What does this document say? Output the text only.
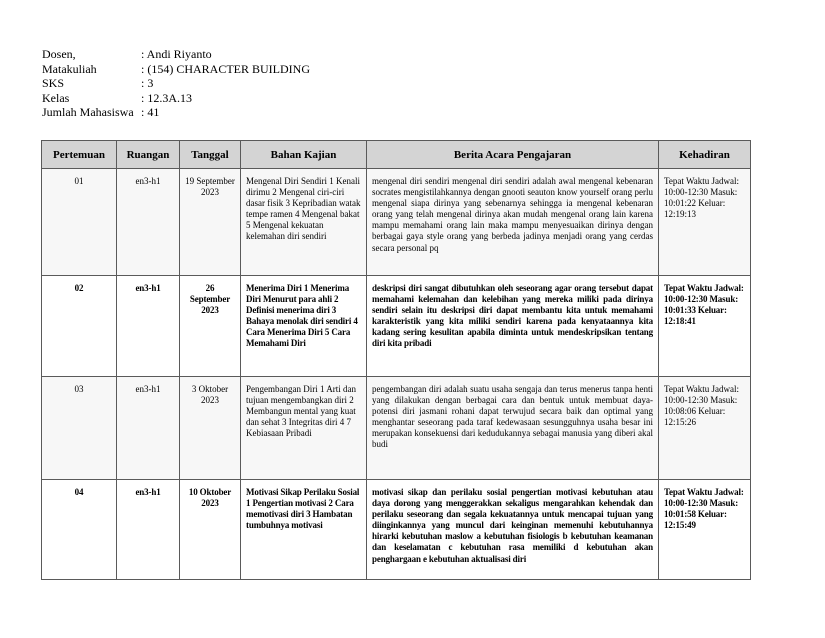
Dosen,	: Andi Riyanto
Matakuliah	: (154) CHARACTER BUILDING
SKS	: 3
Kelas	: 12.3A.13
Jumlah Mahasiswa : 41
Pertemuan	Ruangan	Tanggal	Bahan Kajian	Berita Acara Pengajaran	Kehadiran
01	en3-h1	19 September 2023	Mengenal Diri Sendiri 1 Kenali dirimu 2 Mengenal ciri-ciri dasar fisik 3 Kepribadian watak tempe ramen 4 Mengenal bakat 5 Mengenal kekuatan kelemahan diri sendiri	mengenal diri sendiri mengenal diri sendiri adalah awal mengenal kebenaran socrates mengistilahkannya dengan gnooti seauton know yourself orang perlu mengenal siapa dirinya yang sebenarnya sehingga ia mengenal kebenaran orang yang telah mengenal dirinya akan mudah mengenal orang lain karena mampu memahami orang lain maka mampu menyesuaikan dirinya dengan berbagai gaya style orang yang berbeda jadinya menjadi orang yang cerdas secara personal pq	Tepat Waktu Jadwal: 10:00-12:30 Masuk: 10:01:22 Keluar: 12:19:13
02	en3-h1	26 September 2023	Menerima Diri 1 Menerima Diri Menurut para ahli 2 Definisi menerima diri 3 Bahaya menolak diri sendiri 4 Cara Menerima Diri 5 Cara Memahami Diri	deskripsi diri sangat dibutuhkan oleh seseorang agar orang tersebut dapat memahami kelemahan dan kelebihan yang mereka miliki pada dirinya sendiri selain itu deskripsi diri dapat membantu kita untuk memahami karakteristik yang kita miliki sendiri karena pada kenyataannya kita kadang sering kesulitan apabila diminta untuk mendeskripsikan tentang diri kita pribadi	Tepat Waktu Jadwal: 10:00-12:30 Masuk: 10:01:33 Keluar: 12:18:41
03	en3-h1	3 Oktober 2023	Pengembangan Diri 1 Arti dan tujuan mengembangkan diri 2 Membangun mental yang kuat dan sehat 3 Integritas diri 4 7 Kebiasaan Pribadi	pengembangan diri adalah suatu usaha sengaja dan terus menerus tanpa henti yang dilakukan dengan berbagai cara dan bentuk untuk membuat daya-potensi diri jasmani rohani dapat terwujud secara baik dan optimal yang menghantar seseorang pada taraf kedewasaan sesungguhnya usaha besar ini merupakan konsekuensi dari kedudukannya sebagai manusia yang diberi akal budi	Tepat Waktu Jadwal: 10:00-12:30 Masuk: 10:08:06 Keluar: 12:15:26
04	en3-h1	10 Oktober 2023	Motivasi Sikap Perilaku Sosial 1 Pengertian motivasi 2 Cara memotivasi diri 3 Hambatan tumbuhnya motivasi	motivasi sikap dan perilaku sosial pengertian motivasi kebutuhan atau daya dorong yang menggerakkan sekaligus mengarahkan kehendak dan perilaku seseorang dan segala kekuatannya untuk mencapai tujuan yang diinginkannya yang muncul dari keinginan memenuhi kebutuhannya hirarki kebutuhan maslow a kebutuhan fisiologis b kebutuhan keamanan dan keselamatan c kebutuhan rasa memiliki d kebutuhan akan penghargaan e kebutuhan aktualisasi diri	Tepat Waktu Jadwal: 10:00-12:30 Masuk: 10:01:58 Keluar: 12:15:49
